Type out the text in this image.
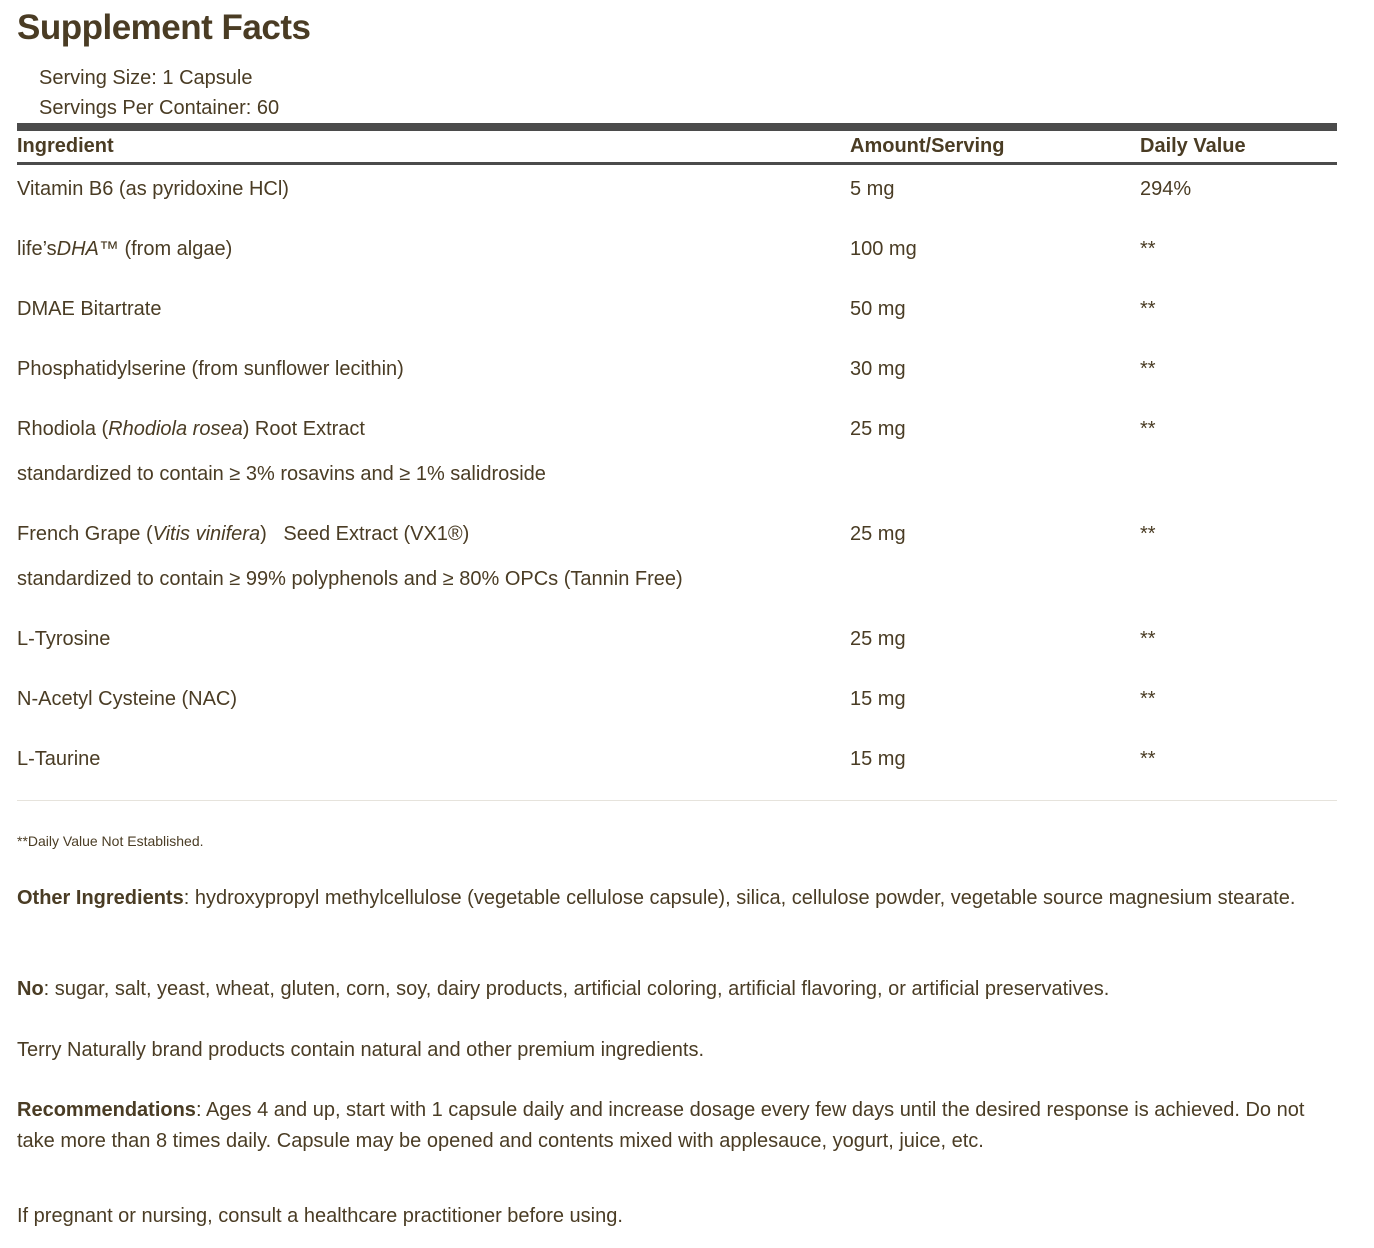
Supplement Facts
Serving Size: 1 Capsule
Servings Per Container: 60
Ingredient	Amount/Serving	Daily Value
Vitamin B6 (as pyridoxine HCl)	5 mg	294%
life’sDHA™ (from algae)	100 mg	**
DMAE Bitartrate	50 mg	**
Phosphatidylserine (from sunflower lecithin)	30 mg	**
Rhodiola (Rhodiola rosea) Root Extract	25 mg	**
standardized to contain ≥ 3% rosavins and ≥ 1% salidroside
French Grape (Vitis vinifera)   Seed Extract (VX1®)	25 mg	**
standardized to contain ≥ 99% polyphenols and ≥ 80% OPCs (Tannin Free)
L-Tyrosine	25 mg	**
N-Acetyl Cysteine (NAC)	15 mg	**
L-Taurine	15 mg	**
**Daily Value Not Established.
Other Ingredients: hydroxypropyl methylcellulose (vegetable cellulose capsule), silica, cellulose powder, vegetable source magnesium stearate.
No: sugar, salt, yeast, wheat, gluten, corn, soy, dairy products, artificial coloring, artificial flavoring, or artificial preservatives.
Terry Naturally brand products contain natural and other premium ingredients.
Recommendations: Ages 4 and up, start with 1 capsule daily and increase dosage every few days until the desired response is achieved. Do not take more than 8 times daily. Capsule may be opened and contents mixed with applesauce, yogurt, juice, etc.
If pregnant or nursing, consult a healthcare practitioner before using.
